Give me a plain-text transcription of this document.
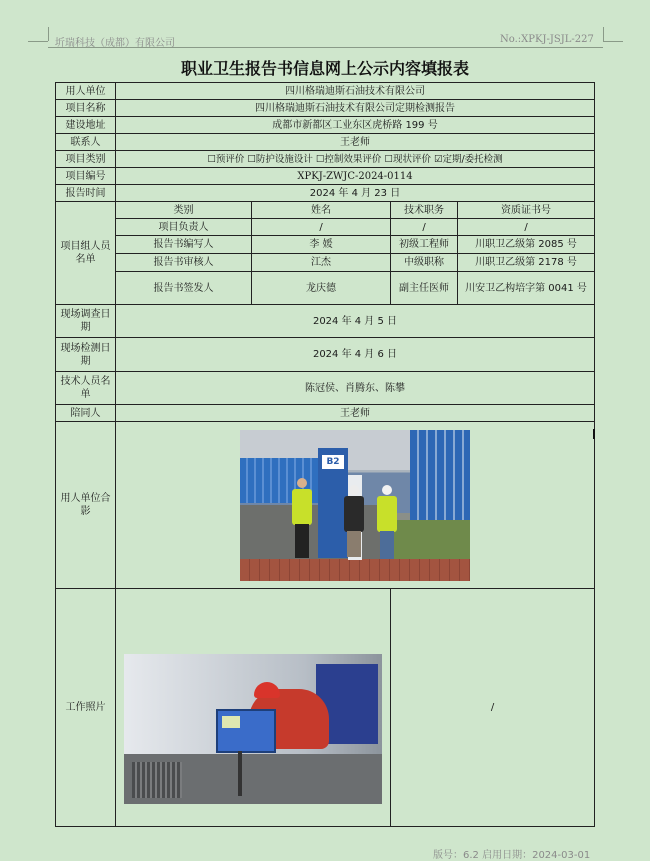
圻瑞科技（成都）有限公司	No.:XPKJ-JSJL-227
职业卫生报告书信息网上公示内容填报表
用人单位	四川格瑞迪斯石油技术有限公司			
项目名称	四川格瑞迪斯石油技术有限公司定期检测报告			
建设地址	成都市新都区工业东区虎桥路 199 号			
联系人	王老师			
项目类别	☐预评价 ☐防护设施设计 ☐控制效果评价 ☐现状评价 ☑定期/委托检测			
项目编号	XPKJ-ZWJC-2024-0114			
报告时间	2024 年 4 月 23 日			
项目组人员名单	类别	姓名	技术职务	资质证书号
	项目负责人	/	/	/
	报告书编写人	李 媛	初级工程师	川职卫乙级第 2085 号
	报告书审核人	江杰	中级职称	川职卫乙级第 2178 号
	报告书签发人	龙庆德	副主任医师	川安卫乙构培字第 0041 号
现场调查日期	2024 年 4 月 5 日			
现场检测日期	2024 年 4 月 6 日			
技术人员名单	陈冠侯、肖腾东、陈攀			
陪同人	王老师			
用人单位合影	B2			

工作照片			/	
版号：6.2 启用日期：2024-03-01
